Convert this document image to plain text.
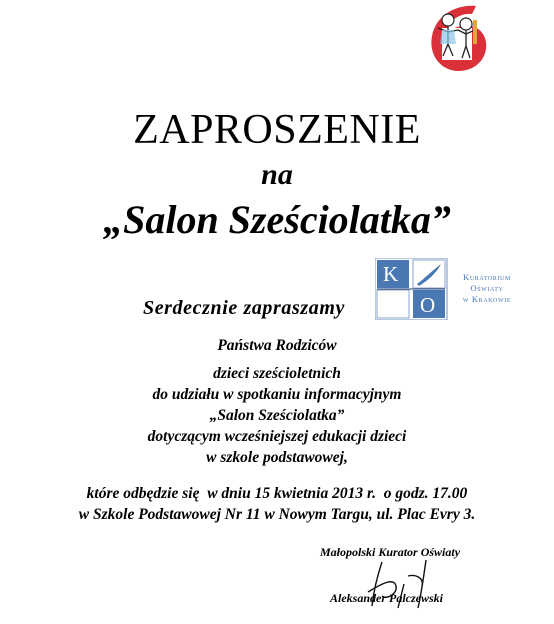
ZAPROSZENIE
na
„Salon Sześciolatka”
K
O
Kuratorium
Oświaty
w Krakowie
Serdecznie zapraszamy
Państwa Rodziców
dzieci sześcioletnich
do udziału w spotkaniu informacyjnym
„Salon Sześciolatka”
dotyczącym wcześniejszej edukacji dzieci
w szkole podstawowej,
które odbędzie się  w dniu 15 kwietnia 2013 r.  o godz. 17.00
w Szkole Podstawowej Nr 11 w Nowym Targu, ul. Plac Evry 3.
Małopolski Kurator Oświaty
Aleksander Palczewski
